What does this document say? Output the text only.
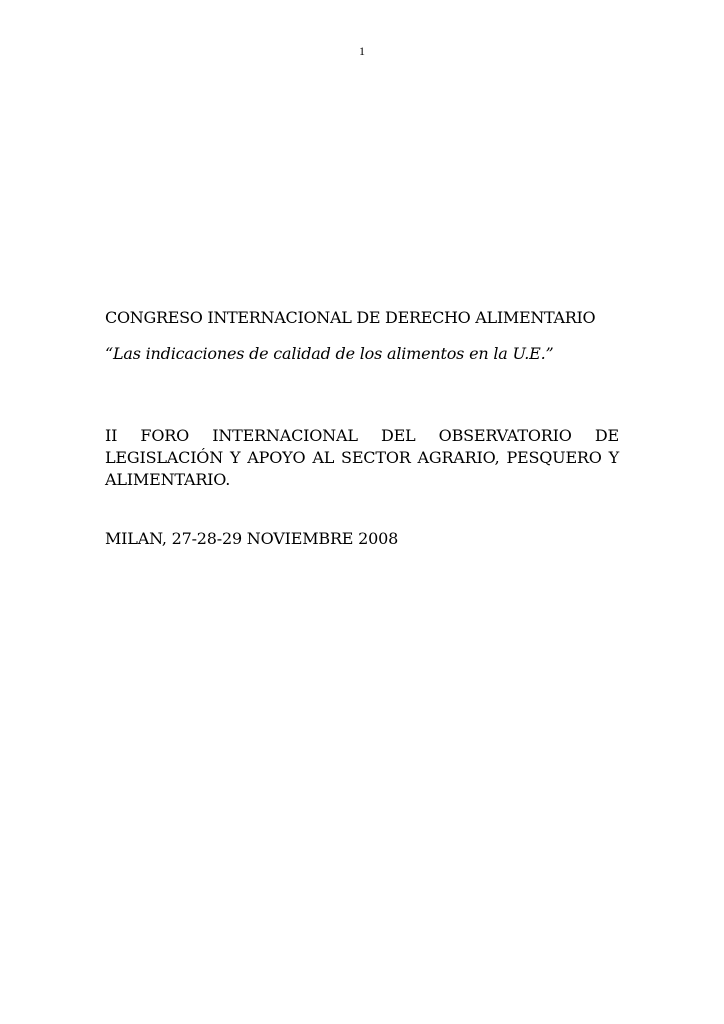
1
CONGRESO INTERNACIONAL DE DERECHO ALIMENTARIO
“Las indicaciones de calidad de los alimentos en la U.E.”
II FORO INTERNACIONAL DEL OBSERVATORIO DE LEGISLACIÓN Y APOYO AL SECTOR AGRARIO, PESQUERO Y ALIMENTARIO.
MILAN, 27-28-29 NOVIEMBRE 2008
